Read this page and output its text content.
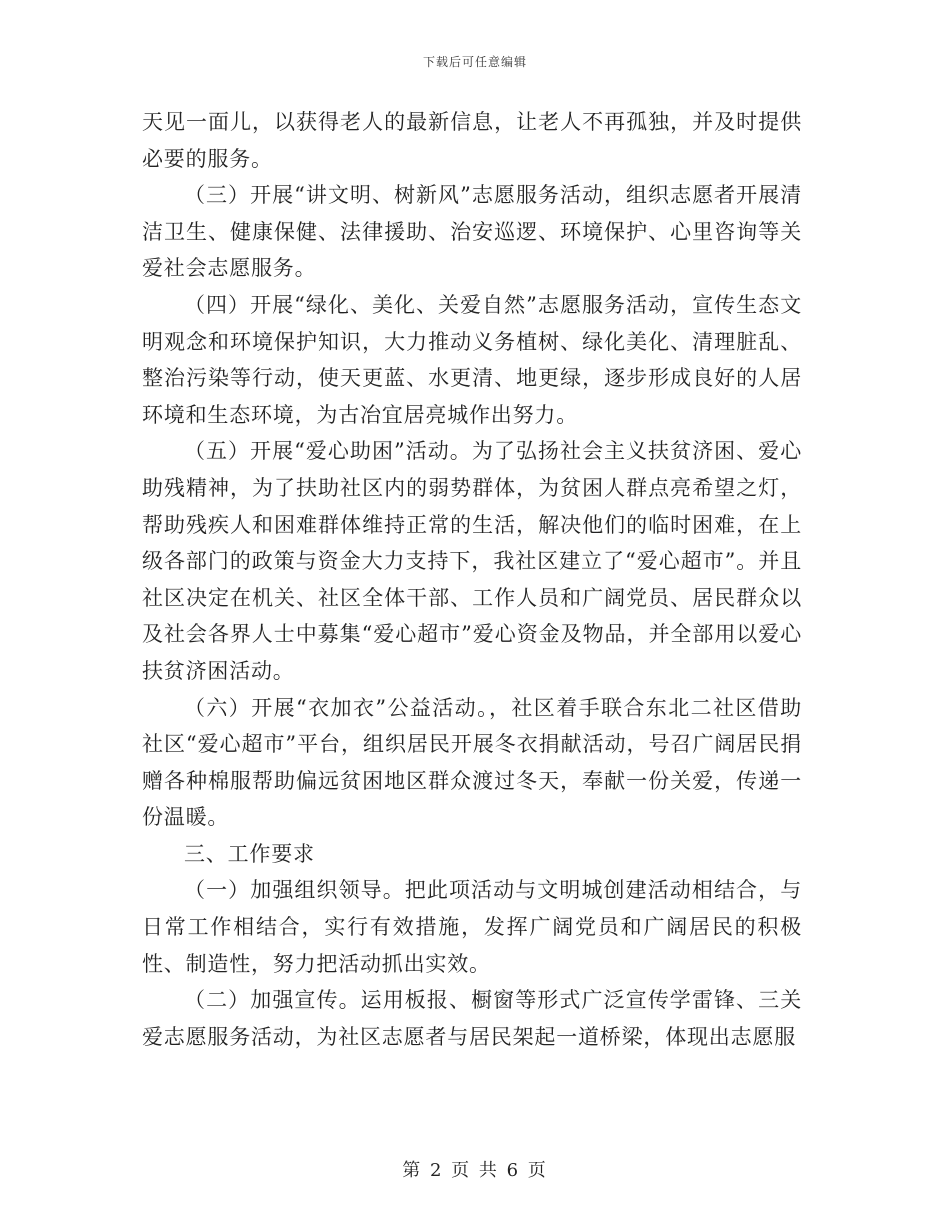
下载后可任意编辑

天见一面儿，以获得老人的最新信息，让老人不再孤独，并及时提供必要的服务。

（三）开展“讲文明、树新风”志愿服务活动，组织志愿者开展清洁卫生、健康保健、法律援助、治安巡逻、环境保护、心里咨询等关爱社会志愿服务。

（四）开展“绿化、美化、关爱自然”志愿服务活动，宣传生态文明观念和环境保护知识，大力推动义务植树、绿化美化、清理脏乱、整治污染等行动，使天更蓝、水更清、地更绿，逐步形成良好的人居环境和生态环境，为古冶宜居亮城作出努力。

（五）开展“爱心助困”活动。为了弘扬社会主义扶贫济困、爱心助残精神，为了扶助社区内的弱势群体，为贫困人群点亮希望之灯，帮助残疾人和困难群体维持正常的生活，解决他们的临时困难，在上级各部门的政策与资金大力支持下，我社区建立了“爱心超市”。并且社区决定在机关、社区全体干部、工作人员和广阔党员、居民群众以及社会各界人士中募集“爱心超市”爱心资金及物品，并全部用以爱心扶贫济困活动。

（六）开展“衣加衣”公益活动。，社区着手联合东北二社区借助社区“爱心超市”平台，组织居民开展冬衣捐献活动，号召广阔居民捐赠各种棉服帮助偏远贫困地区群众渡过冬天，奉献一份关爱，传递一份温暖。

三、工作要求

（一）加强组织领导。把此项活动与文明城创建活动相结合，与日常工作相结合，实行有效措施，发挥广阔党员和广阔居民的积极性、制造性，努力把活动抓出实效。

（二）加强宣传。运用板报、橱窗等形式广泛宣传学雷锋、三关爱志愿服务活动，为社区志愿者与居民架起一道桥梁，体现出志愿服

第 2 页 共 6 页
